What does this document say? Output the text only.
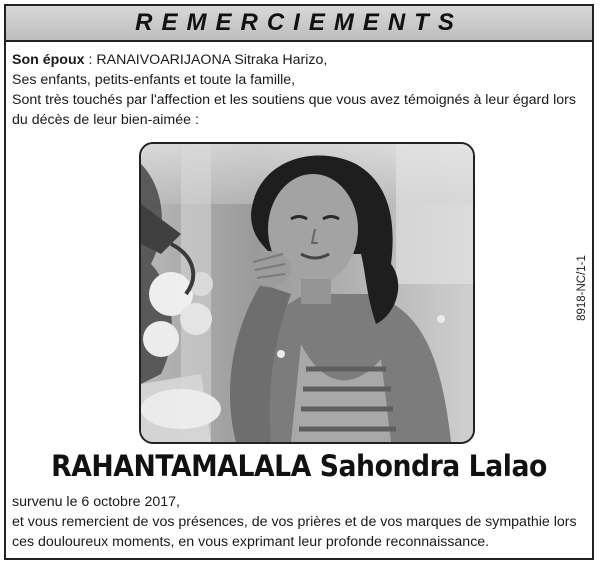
REMERCIEMENTS
Son époux : RANAIVOARIJAONA Sitraka Harizo,
Ses enfants, petits-enfants et toute la famille,
Sont très touchés par l'affection et les soutiens que vous avez témoignés à leur égard lors
du décès de leur bien-aimée :
RAHANTAMALALA Sahondra Lalao
survenu le 6 octobre 2017,
et vous remercient de vos présences, de vos prières et de vos marques de sympathie lors
ces douloureux moments, en vous exprimant leur profonde reconnaissance.
8918-NC/1-1
